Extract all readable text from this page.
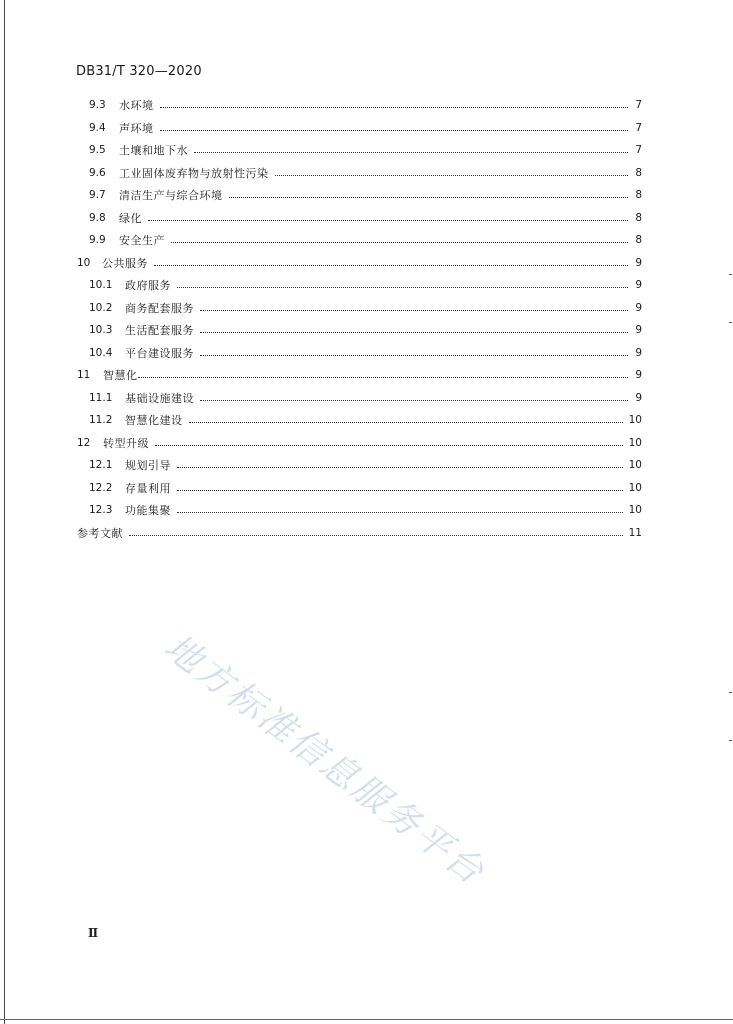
DB31/T 320—2020
9.3	水环境	7
9.4	声环境	7
9.5	土壤和地下水	7
9.6	工业固体废弃物与放射性污染	8
9.7	清洁生产与综合环境	8
9.8	绿化	8
9.9	安全生产	8
10	公共服务	9
10.1	政府服务	9
10.2	商务配套服务	9
10.3	生活配套服务	9
10.4	平台建设服务	9
11	智慧化	9
11.1	基础设施建设	9
11.2	智慧化建设	10
12	转型升级	10
12.1	规划引导	10
12.2	存量利用	10
12.3	功能集聚	10
参考文献	11
地方标准信息服务平台
Ⅱ
